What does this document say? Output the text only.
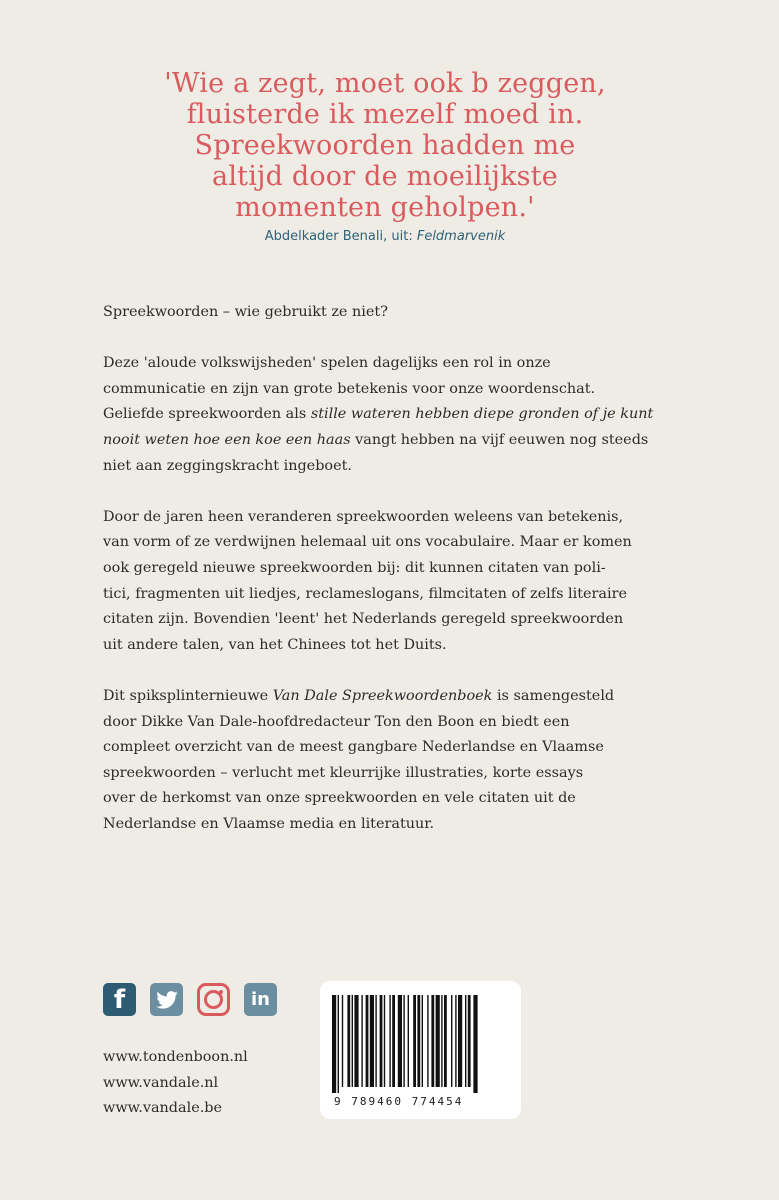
'Wie a zegt, moet ook b zeggen,
fluisterde ik mezelf moed in.
Spreekwoorden hadden me
altijd door de moeilijkste
momenten geholpen.'
Abdelkader Benali, uit: Feldmarvenik

Spreekwoorden – wie gebruikt ze niet?

Deze 'aloude volkswijsheden' spelen dagelijks een rol in onze
communicatie en zijn van grote betekenis voor onze woordenschat.
Geliefde spreekwoorden als stille wateren hebben diepe gronden of je kunt
nooit weten hoe een koe een haas vangt hebben na vijf eeuwen nog steeds
niet aan zeggingskracht ingeboet.

Door de jaren heen veranderen spreekwoorden weleens van betekenis,
van vorm of ze verdwijnen helemaal uit ons vocabulaire. Maar er komen
ook geregeld nieuwe spreekwoorden bij: dit kunnen citaten van poli-
tici, fragmenten uit liedjes, reclameslogans, filmcitaten of zelfs literaire
citaten zijn. Bovendien 'leent' het Nederlands geregeld spreekwoorden
uit andere talen, van het Chinees tot het Duits.

Dit spiksplinternieuwe Van Dale Spreekwoordenboek is samengesteld
door Dikke Van Dale-hoofdredacteur Ton den Boon en biedt een
compleet overzicht van de meest gangbare Nederlandse en Vlaamse
spreekwoorden – verlucht met kleurrijke illustraties, korte essays
over de herkomst van onze spreekwoorden en vele citaten uit de
Nederlandse en Vlaamse media en literatuur.

f	in
www.tondenboon.nl
www.vandale.nl
www.vandale.be	9 789460 774454
